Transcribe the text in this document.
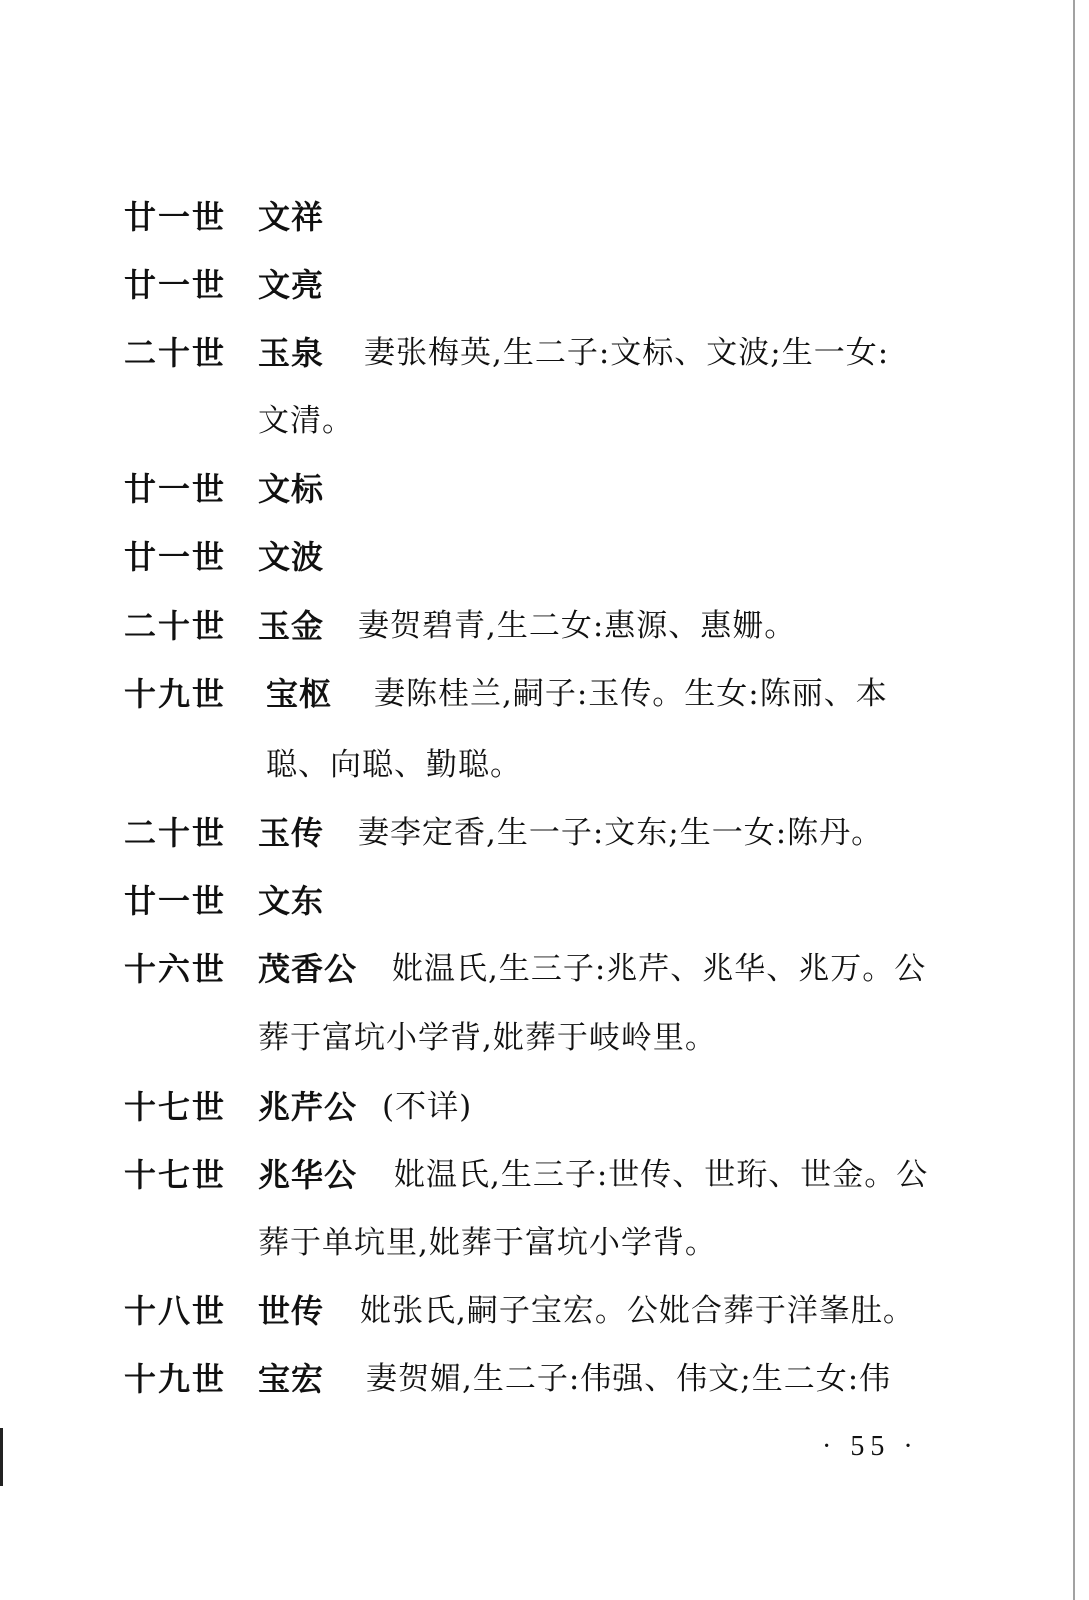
廿一世 文祥
廿一世 文亮
二十世 玉泉 妻张梅英,生二子:文标、文波;生一女:
文清。
廿一世 文标
廿一世 文波
二十世 玉金 妻贺碧青,生二女:惠源、惠姗。
十九世 宝枢 妻陈桂兰,嗣子:玉传。生女:陈丽、本
聪、向聪、勤聪。
二十世 玉传 妻李定香,生一子:文东;生一女:陈丹。
廿一世 文东
十六世 茂香公 妣温氏,生三子:兆芹、兆华、兆万。公
葬于富坑小学背,妣葬于岐岭里。
十七世 兆芹公 (不详)
十七世 兆华公 妣温氏,生三子:世传、世珩、世金。公
葬于单坑里,妣葬于富坑小学背。
十八世 世传 妣张氏,嗣子宝宏。公妣合葬于洋峯肚。
十九世 宝宏 妻贺媚,生二子:伟强、伟文;生二女:伟
· 55 ·
